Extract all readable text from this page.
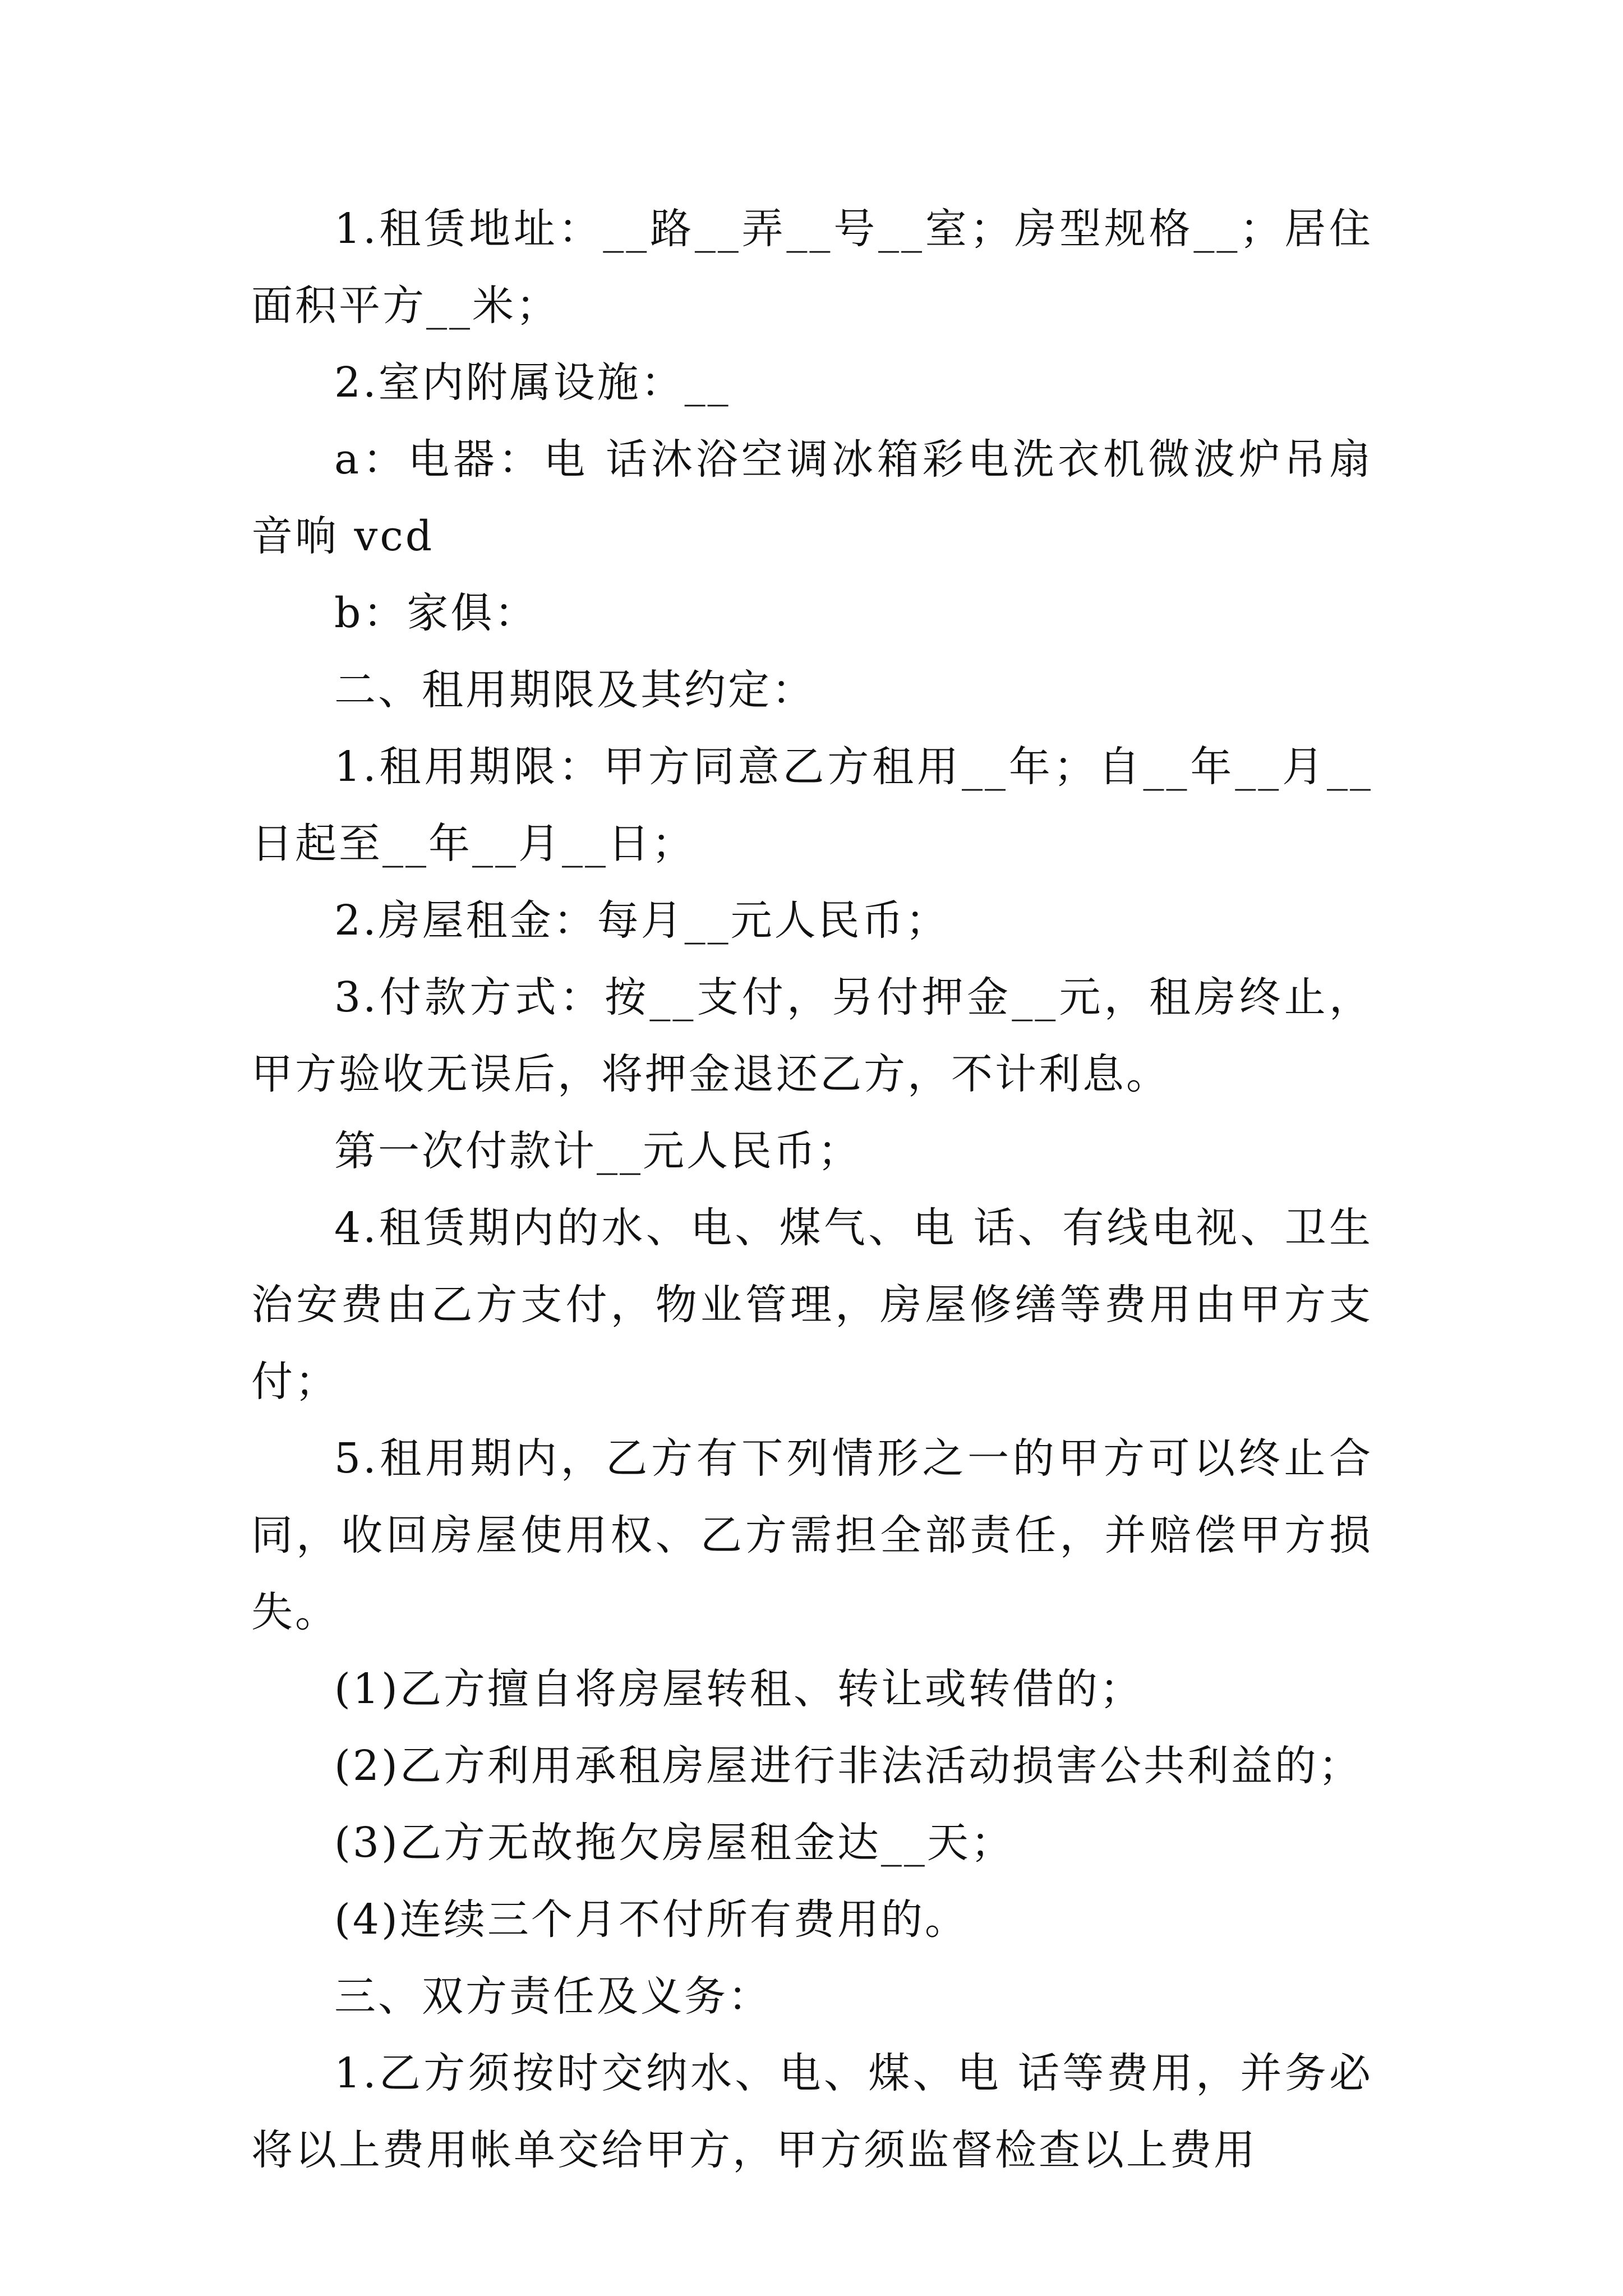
1.租赁地址：__路__弄__号__室；房型规格__；居住面积平方__米；

2.室内附属设施：__

a：电器：电 话沐浴空调冰箱彩电洗衣机微波炉吊扇音响 vcd

b：家俱：

二、租用期限及其约定：

1.租用期限：甲方同意乙方租用__年；自__年__月__日起至__年__月__日；

2.房屋租金：每月__元人民币；

3.付款方式：按__支付，另付押金__元，租房终止，甲方验收无误后，将押金退还乙方，不计利息。

第一次付款计__元人民币；

4.租赁期内的水、电、煤气、电 话、有线电视、卫生治安费由乙方支付，物业管理，房屋修缮等费用由甲方支付；

5.租用期内，乙方有下列情形之一的甲方可以终止合同，收回房屋使用权、乙方需担全部责任，并赔偿甲方损失。

(1)乙方擅自将房屋转租、转让或转借的；

(2)乙方利用承租房屋进行非法活动损害公共利益的；

(3)乙方无故拖欠房屋租金达__天；

(4)连续三个月不付所有费用的。

三、双方责任及义务：

1.乙方须按时交纳水、电、煤、电 话等费用，并务必将以上费用帐单交给甲方，甲方须监督检查以上费用
